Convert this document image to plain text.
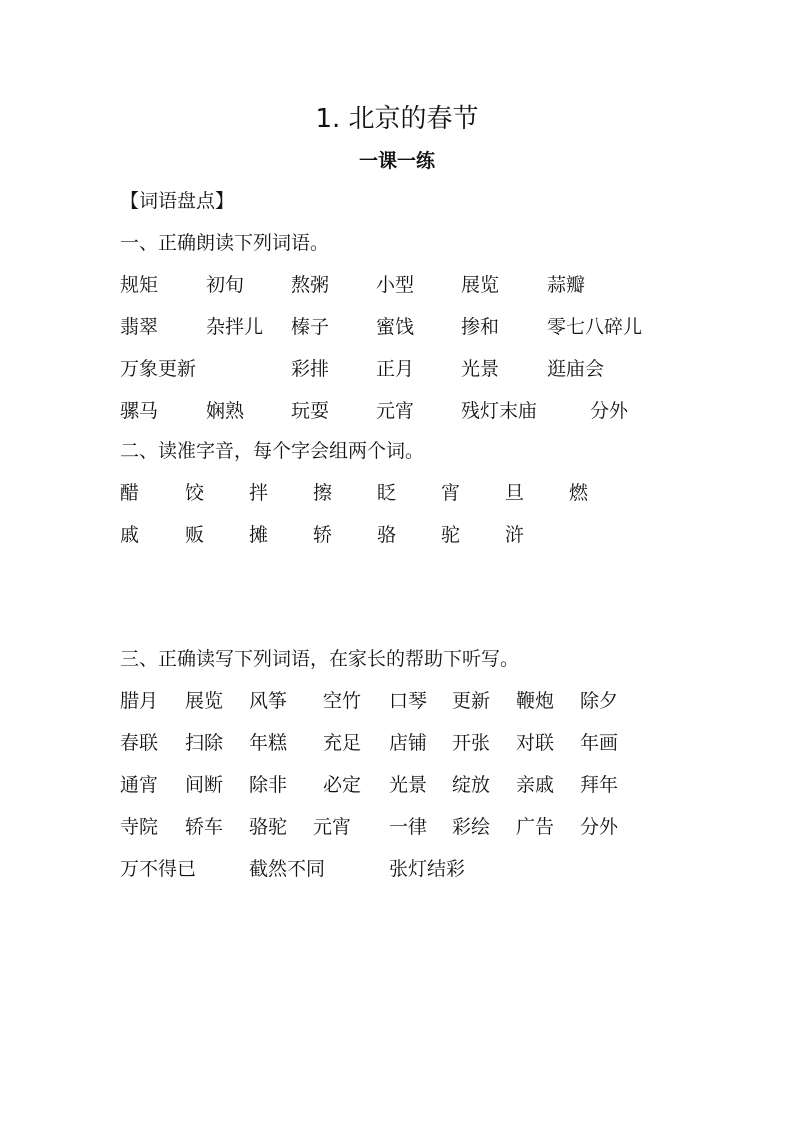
1. 北京的春节
一课一练
【词语盘点】
一、正确朗读下列词语。
规矩	初旬 熬粥 小型 展览	蒜瓣
翡翠	杂拌儿 榛子 蜜饯 掺和	零七八碎儿
万象更新	彩排 正月 光景	逛庙会
骡马	娴熟 玩耍 元宵 残灯末庙	分外
二、读准字音，每个字会组两个词。
醋 饺 拌 擦 眨 宵 旦 燃
戚 贩 摊 轿 骆 驼 浒
三、正确读写下列词语，在家长的帮助下听写。
腊月 展览 风筝 空竹 口琴 更新 鞭炮 除夕
春联 扫除 年糕 充足 店铺 开张 对联 年画
通宵 间断 除非 必定 光景 绽放 亲戚 拜年
寺院 轿车 骆驼 元宵 一律 彩绘 广告 分外
万不得已	截然不同	张灯结彩
